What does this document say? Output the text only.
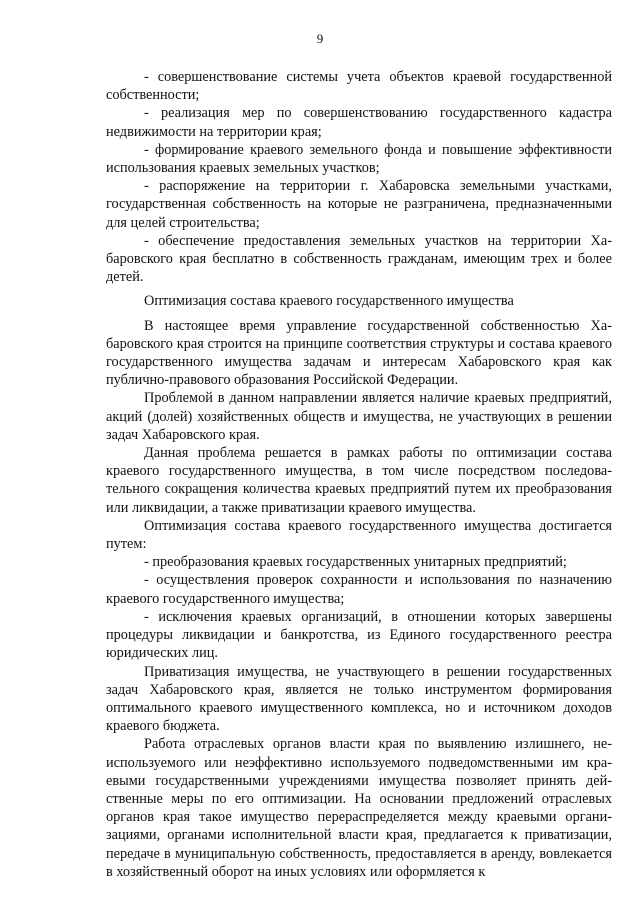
9

- совершенствование системы учета объектов краевой государственной собственности;

- реализация мер по совершенствованию государственного кадастра недвижимости на территории края;

- формирование краевого земельного фонда и повышение эффективности использования краевых земельных участков;

- распоряжение на территории г. Хабаровска земельными участками, государственная собственность на которые не разграничена, предназначенными для целей строительства;

- обеспечение предоставления земельных участков на территории Хабаровского края бесплатно в собственность гражданам, имеющим трех и более детей.

Оптимизация состава краевого государственного имущества

В настоящее время управление государственной собственностью Хабаровского края строится на принципе соответствия структуры и состава краевого государственного имущества задачам и интересам Хабаровского края как публично-правового образования Российской Федерации.

Проблемой в данном направлении является наличие краевых предприятий, акций (долей) хозяйственных обществ и имущества, не участвующих в решении задач Хабаровского края.

Данная проблема решается в рамках работы по оптимизации состава краевого государственного имущества, в том числе посредством последовательного сокращения количества краевых предприятий путем их преобразования или ликвидации, а также приватизации краевого имущества.

Оптимизация состава краевого государственного имущества достигается путем:

- преобразования краевых государственных унитарных предприятий;

- осуществления проверок сохранности и использования по назначению краевого государственного имущества;

- исключения краевых организаций, в отношении которых завершены процедуры ликвидации и банкротства, из Единого государственного реестра юридических лиц.

Приватизация имущества, не участвующего в решении государственных задач Хабаровского края, является не только инструментом формирования оптимального краевого имущественного комплекса, но и источником доходов краевого бюджета.

Работа отраслевых органов власти края по выявлению излишнего, неиспользуемого или неэффективно используемого подведомственными им краевыми государственными учреждениями имущества позволяет принять действенные меры по его оптимизации. На основании предложений отраслевых органов края такое имущество перераспределяется между краевыми организациями, органами исполнительной власти края, предлагается к приватизации, передаче в муниципальную собственность, предоставляется в аренду, вовлекается в хозяйственный оборот на иных условиях или оформляется к
